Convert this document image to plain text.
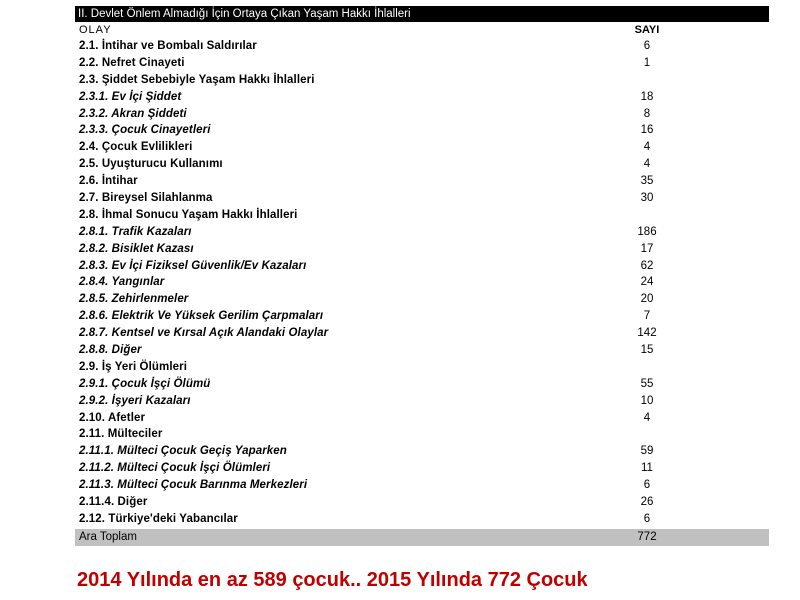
II. Devlet Önlem Almadığı İçin Ortaya Çıkan Yaşam Hakkı İhlalleri
OLAY	SAYI
2.1. İntihar ve Bombalı Saldırılar	6
2.2. Nefret Cinayeti	1
2.3. Şiddet Sebebiyle Yaşam Hakkı İhlalleri
2.3.1. Ev İçi Şiddet	18
2.3.2. Akran Şiddeti	8
2.3.3. Çocuk Cinayetleri	16
2.4. Çocuk Evlilikleri	4
2.5. Uyuşturucu Kullanımı	4
2.6. İntihar	35
2.7. Bireysel Silahlanma	30
2.8. İhmal Sonucu Yaşam Hakkı İhlalleri
2.8.1. Trafik Kazaları	186
2.8.2. Bisiklet Kazası	17
2.8.3. Ev İçi Fiziksel Güvenlik/Ev Kazaları	62
2.8.4. Yangınlar	24
2.8.5. Zehirlenmeler	20
2.8.6. Elektrik Ve Yüksek Gerilim Çarpmaları	7
2.8.7. Kentsel ve Kırsal Açık Alandaki Olaylar	142
2.8.8. Diğer	15
2.9. İş Yeri Ölümleri
2.9.1. Çocuk İşçi Ölümü	55
2.9.2. İşyeri Kazaları	10
2.10. Afetler	4
2.11. Mülteciler
2.11.1. Mülteci Çocuk Geçiş Yaparken	59
2.11.2. Mülteci Çocuk İşçi Ölümleri	11
2.11.3. Mülteci Çocuk Barınma Merkezleri	6
2.11.4. Diğer	26
2.12. Türkiye'deki Yabancılar	6
Ara Toplam	772
2014 Yılında en az 589 çocuk.. 2015 Yılında 772 Çocuk
